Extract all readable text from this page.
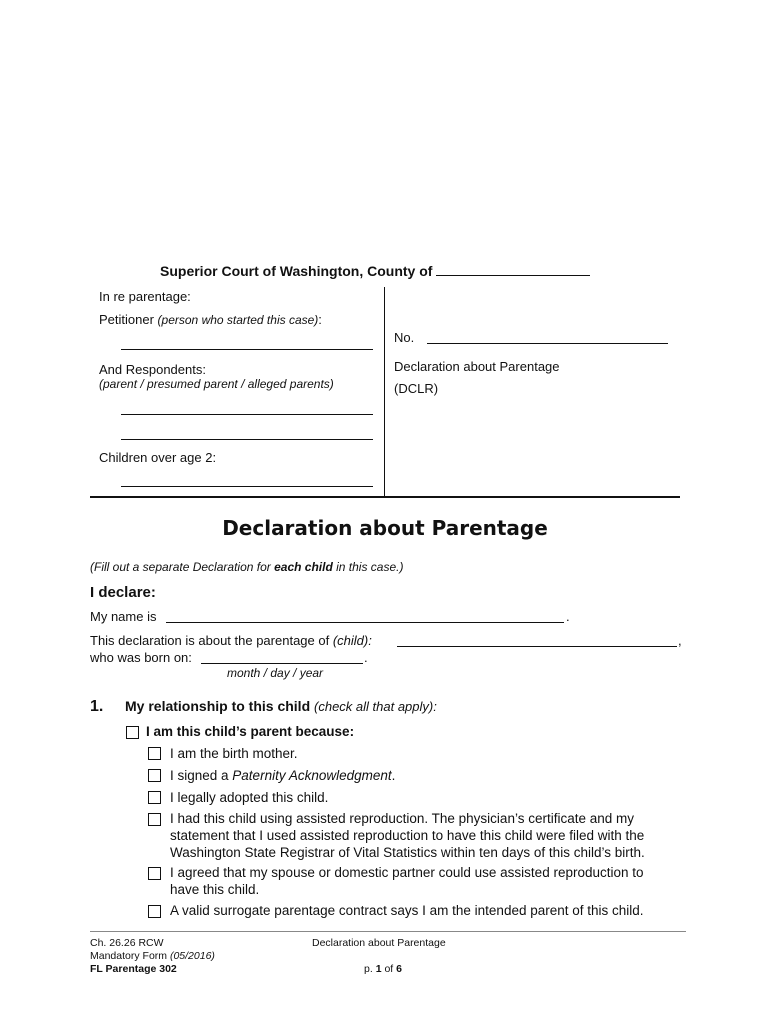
Superior Court of Washington, County of
In re parentage:
Petitioner (person who started this case):
And Respondents:
(parent / presumed parent / alleged parents)
Children over age 2:
No.
Declaration about Parentage
(DCLR)
Declaration about Parentage
(Fill out a separate Declaration for each child in this case.)
I declare:
My name is	.
This declaration is about the parentage of (child):	,
who was born on:	.
month / day / year
1. My relationship to this child (check all that apply):
I am this child’s parent because:
I am the birth mother.
I signed a Paternity Acknowledgment.
I legally adopted this child.
I had this child using assisted reproduction. The physician’s certificate and my
statement that I used assisted reproduction to have this child were filed with the
Washington State Registrar of Vital Statistics within ten days of this child’s birth.
I agreed that my spouse or domestic partner could use assisted reproduction to
have this child.
A valid surrogate parentage contract says I am the intended parent of this child.
Ch. 26.26 RCW
Mandatory Form (05/2016)
FL Parentage 302
Declaration about Parentage
p. 1 of 6
